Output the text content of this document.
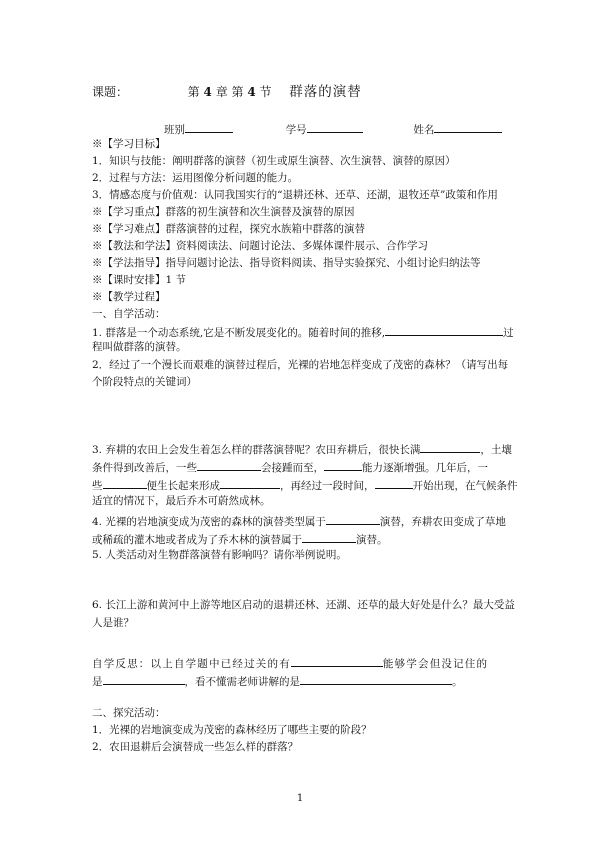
课题：	第 4 章 第 4 节 群落的演替
班别	学号	姓名
※【学习目标】
1．知识与技能：阐明群落的演替（初生或原生演替、次生演替、演替的原因）
2．过程与方法：运用图像分析问题的能力。
3．情感态度与价值观：认同我国实行的“退耕还林、还草、还湖，退牧还草”政策和作用
※【学习重点】群落的初生演替和次生演替及演替的原因
※【学习难点】群落演替的过程，探究水族箱中群落的演替
※【教法和学法】资料阅读法、问题讨论法、多媒体课件展示、合作学习
※【学法指导】指导问题讨论法、指导资料阅读、指导实验探究、小组讨论归纳法等
※【课时安排】1 节
※【教学过程】
一、自学活动：
1. 群落是一个动态系统,它是不断发展变化的。随着时间的推移,	过
程叫做群落的演替。
2．经过了一个漫长而艰难的演替过程后，光裸的岩地怎样变成了茂密的森林？（请写出每
个阶段特点的关键词）
3. 弃耕的农田上会发生着怎么样的群落演替呢？农田弃耕后，很快长满	，土壤
条件得到改善后，一些	会接踵而至，	能力逐渐增强。几年后，一
些	便生长起来形成	，再经过一段时间，	开始出现，在气候条件
适宜的情况下，最后乔木可蔚然成林。
4. 光裸的岩地演变成为茂密的森林的演替类型属于	演替，弃耕农田变成了草地
或稀疏的灌木地或者成为了乔木林的演替属于	演替。
5. 人类活动对生物群落演替有影响吗？请你举例说明。
6. 长江上游和黄河中上游等地区启动的退耕还林、还湖、还草的最大好处是什么？最大受益
人是谁？
自学反思：以上自学题中已经过关的有	能够学会但没记住的
是	，看不懂需老师讲解的是	。
二、探究活动：
1．光裸的岩地演变成为茂密的森林经历了哪些主要的阶段？
2．农田退耕后会演替成一些怎么样的群落？
1
